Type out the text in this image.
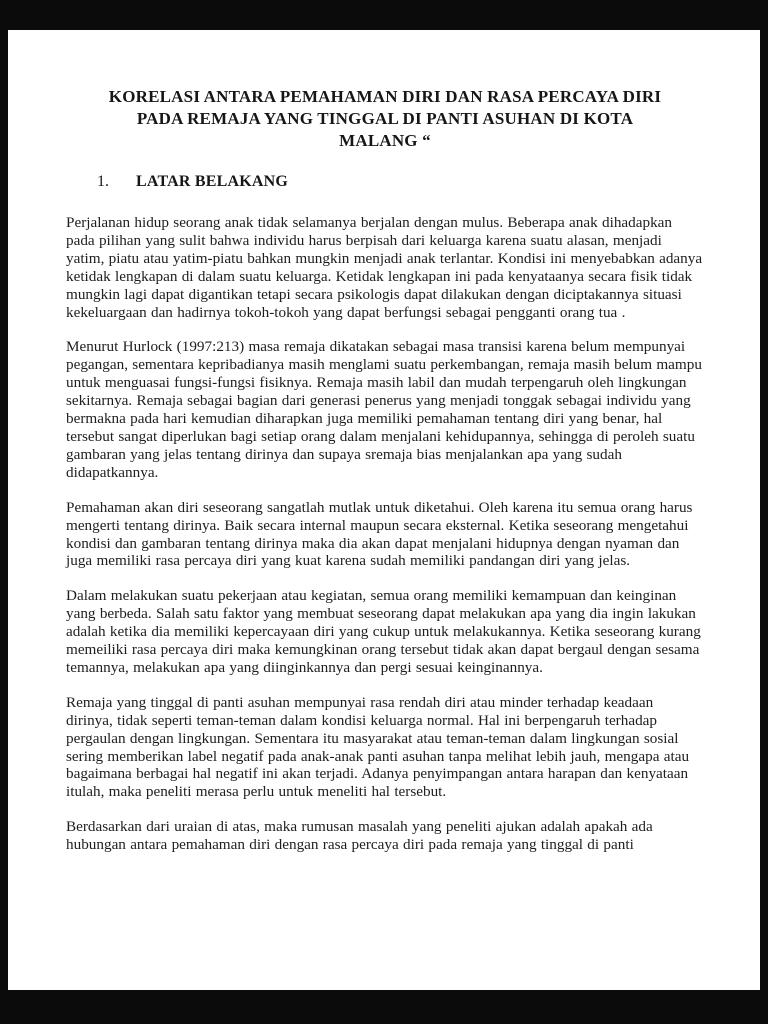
KORELASI ANTARA PEMAHAMAN DIRI DAN RASA PERCAYA DIRI
PADA REMAJA YANG TINGGAL DI PANTI ASUHAN DI KOTA
MALANG “
1. LATAR BELAKANG

Perjalanan hidup seorang anak tidak selamanya berjalan dengan mulus. Beberapa anak dihadapkan pada pilihan yang sulit bahwa individu harus berpisah dari keluarga karena suatu alasan, menjadi yatim, piatu atau yatim-piatu bahkan mungkin menjadi anak terlantar. Kondisi ini menyebabkan adanya ketidak lengkapan di dalam suatu keluarga. Ketidak lengkapan ini pada kenyataanya secara fisik tidak mungkin lagi dapat digantikan tetapi secara psikologis dapat dilakukan dengan diciptakannya situasi kekeluargaan dan hadirnya tokoh-tokoh yang dapat berfungsi sebagai pengganti orang tua .

Menurut Hurlock (1997:213) masa remaja dikatakan sebagai masa transisi karena belum mempunyai pegangan, sementara kepribadianya masih menglami suatu perkembangan, remaja masih belum mampu untuk menguasai fungsi-fungsi fisiknya. Remaja masih labil dan mudah terpengaruh oleh lingkungan sekitarnya. Remaja sebagai bagian dari generasi penerus yang menjadi tonggak sebagai individu yang bermakna pada hari kemudian diharapkan juga memiliki pemahaman tentang diri yang benar, hal tersebut sangat diperlukan bagi setiap orang dalam menjalani kehidupannya, sehingga di peroleh suatu gambaran yang jelas tentang dirinya dan supaya sremaja bias menjalankan apa yang sudah didapatkannya.

Pemahaman akan diri seseorang sangatlah mutlak untuk diketahui. Oleh karena itu semua orang harus mengerti tentang dirinya. Baik secara internal maupun secara eksternal. Ketika seseorang mengetahui kondisi dan gambaran tentang dirinya maka dia akan dapat menjalani hidupnya dengan nyaman dan juga memiliki rasa percaya diri yang kuat karena sudah memiliki pandangan diri yang jelas.

Dalam melakukan suatu pekerjaan atau kegiatan, semua orang memiliki kemampuan dan keinginan yang berbeda. Salah satu faktor yang membuat seseorang dapat melakukan apa yang dia ingin lakukan adalah ketika dia memiliki kepercayaan diri yang cukup untuk melakukannya. Ketika seseorang kurang memeiliki rasa percaya diri maka kemungkinan orang tersebut tidak akan dapat bergaul dengan sesama temannya, melakukan apa yang diinginkannya dan pergi sesuai keinginannya.

Remaja yang tinggal di panti asuhan mempunyai rasa rendah diri atau minder terhadap keadaan dirinya, tidak seperti teman-teman dalam kondisi keluarga normal. Hal ini berpengaruh terhadap pergaulan dengan lingkungan. Sementara itu masyarakat atau teman-teman dalam lingkungan sosial sering memberikan label negatif pada anak-anak panti asuhan tanpa melihat lebih jauh, mengapa atau bagaimana berbagai hal negatif ini akan terjadi. Adanya penyimpangan antara harapan dan kenyataan itulah, maka peneliti merasa perlu untuk meneliti hal tersebut.

Berdasarkan dari uraian di atas, maka rumusan masalah yang peneliti ajukan adalah apakah ada hubungan antara pemahaman diri dengan rasa percaya diri pada remaja yang tinggal di panti
